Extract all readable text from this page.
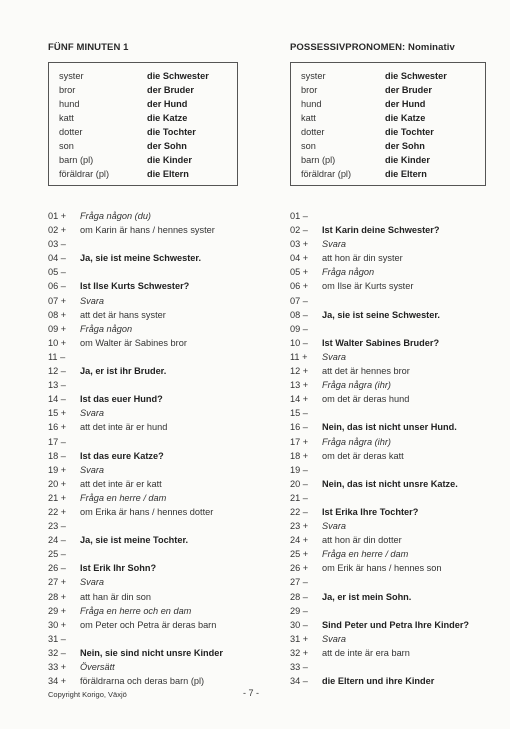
FÜNF MINUTEN 1	POSSESSIVPRONOMEN: Nominativ
syster	die Schwester
bror	der Bruder
hund	der Hund
katt	die Katze
dotter	die Tochter
son	der Sohn
barn (pl)	die Kinder
föräldrar (pl)	die Eltern
syster	die Schwester
bror	der Bruder
hund	der Hund
katt	die Katze
dotter	die Tochter
son	der Sohn
barn (pl)	die Kinder
föräldrar (pl)	die Eltern
01 +	Fråga någon (du)
02 +	om Karin är hans / hennes syster
03 –
04 –	Ja, sie ist meine Schwester.
05 –
06 –	Ist Ilse Kurts Schwester?
07 +	Svara
08 +	att det är hans syster
09 +	Fråga någon
10 +	om Walter är Sabines bror
11 –
12 –	Ja, er ist ihr Bruder.
13 –
14 –	Ist das euer Hund?
15 +	Svara
16 +	att det inte är er hund
17 –
18 –	Ist das eure Katze?
19 +	Svara
20 +	att det inte är er katt
21 +	Fråga en herre / dam
22 +	om Erika är hans / hennes dotter
23 –
24 –	Ja, sie ist meine Tochter.
25 –
26 –	Ist Erik Ihr Sohn?
27 +	Svara
28 +	att han är din son
29 +	Fråga en herre och en dam
30 +	om Peter och Petra är deras barn
31 –
32 –	Nein, sie sind nicht unsre Kinder
33 +	Översätt
34 +	föräldrarna och deras barn (pl)
01 –
02 –	Ist Karin deine Schwester?
03 +	Svara
04 +	att hon är din syster
05 +	Fråga någon
06 +	om Ilse är Kurts syster
07 –
08 –	Ja, sie ist seine Schwester.
09 –
10 –	Ist Walter Sabines Bruder?
11 +	Svara
12 +	att det är hennes bror
13 +	Fråga några (ihr)
14 +	om det är deras hund
15 –
16 –	Nein, das ist nicht unser Hund.
17 +	Fråga några (ihr)
18 +	om det är deras katt
19 –
20 –	Nein, das ist nicht unsre Katze.
21 –
22 –	Ist Erika Ihre Tochter?
23 +	Svara
24 +	att hon är din dotter
25 +	Fråga en herre / dam
26 +	om Erik är hans / hennes son
27 –
28 –	Ja, er ist mein Sohn.
29 –
30 –	Sind Peter und Petra Ihre Kinder?
31 +	Svara
32 +	att de inte är era barn
33 –
34 –	die Eltern und ihre Kinder
Copyright Korigo, Växjö	- 7 -
